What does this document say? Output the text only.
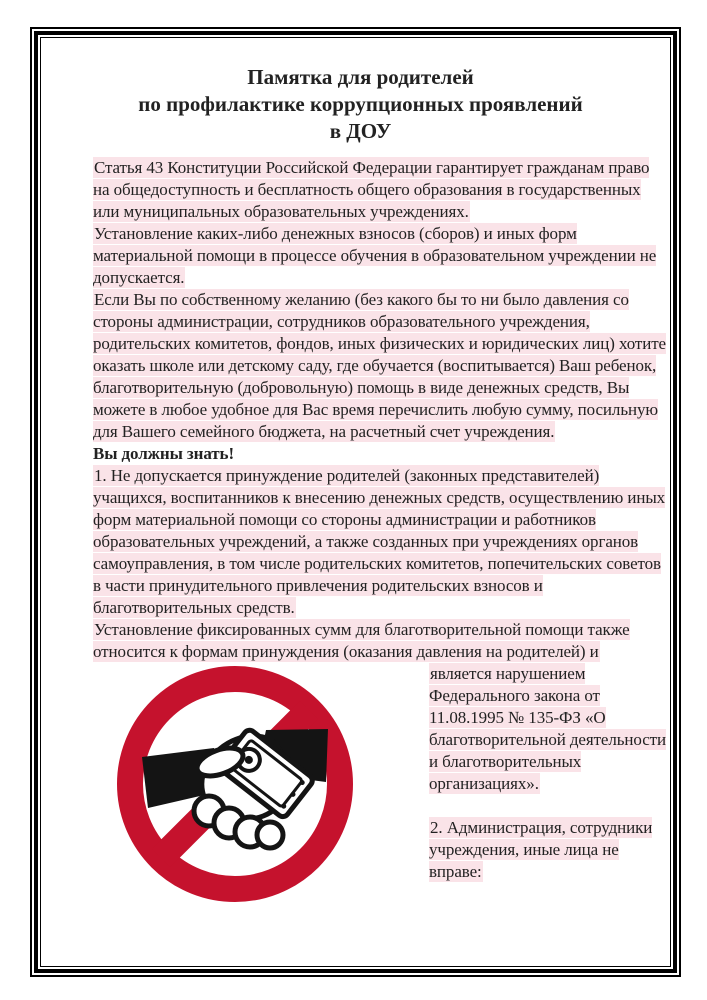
Памятка для родителей
по профилактике коррупционных проявлений
в ДОУ

Статья 43 Конституции Российской Федерации гарантирует гражданам право на общедоступность и бесплатность общего образования в государственных или муниципальных образовательных учреждениях.

Установление каких-либо денежных взносов (сборов) и иных форм материальной помощи в процессе обучения в образовательном учреждении не допускается.

Если Вы по собственному желанию (без какого бы то ни было давления со стороны администрации, сотрудников образовательного учреждения, родительских комитетов, фондов, иных физических и юридических лиц) хотите оказать школе или детскому саду, где обучается (воспитывается) Ваш ребенок, благотворительную (добровольную) помощь в виде денежных средств, Вы можете в любое удобное для Вас время перечислить любую сумму, посильную для Вашего семейного бюджета, на расчетный счет учреждения.

Вы должны знать!

1. Не допускается принуждение родителей (законных представителей) учащихся, воспитанников к внесению денежных средств, осуществлению иных форм материальной помощи со стороны администрации и работников образовательных учреждений, а также созданных при учреждениях органов самоуправления, в том числе родительских комитетов, попечительских советов в части принудительного привлечения родительских взносов и благотворительных средств.

Установление фиксированных сумм для благотворительной помощи также относится к формам принуждения (оказания давления на родителей) и

является нарушением Федерального закона от 11.08.1995 № 135-ФЗ «О благотворительной деятельности и благотворительных организациях».

2. Администрация, сотрудники учреждения, иные лица не вправе:
